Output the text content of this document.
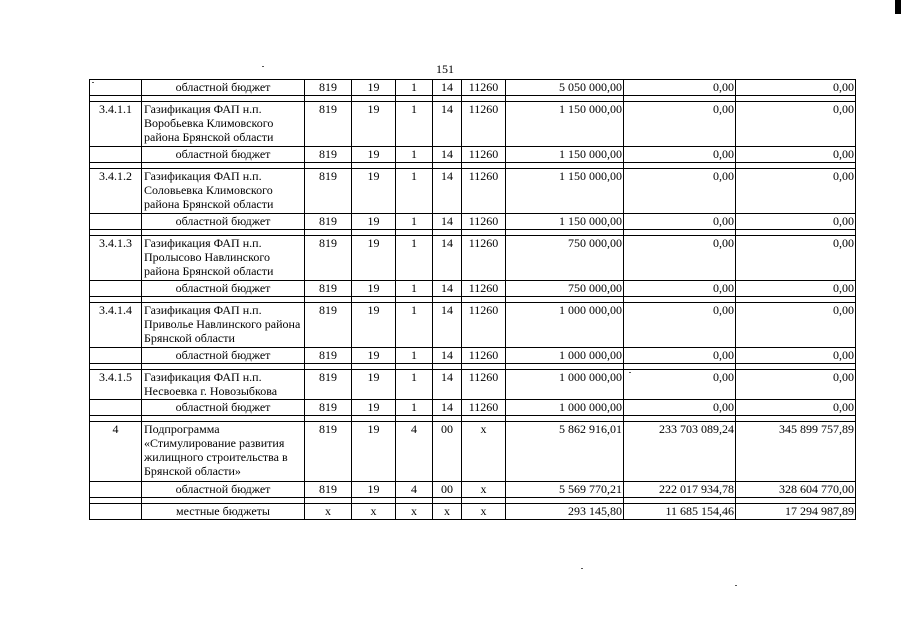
151
	областной бюджет	819	19	1	14	11260	5 050 000,00	0,00	0,00

3.4.1.1	Газификация ФАП н.п. Воробьевка Климовского района Брянской области	819	19	1	14	11260	1 150 000,00	0,00	0,00
	областной бюджет	819	19	1	14	11260	1 150 000,00	0,00	0,00

3.4.1.2	Газификация ФАП н.п. Соловьевка Климовского района Брянской области	819	19	1	14	11260	1 150 000,00	0,00	0,00
	областной бюджет	819	19	1	14	11260	1 150 000,00	0,00	0,00

3.4.1.3	Газификация ФАП н.п. Пролысово Навлинского района Брянской области	819	19	1	14	11260	750 000,00	0,00	0,00
	областной бюджет	819	19	1	14	11260	750 000,00	0,00	0,00

3.4.1.4	Газификация ФАП н.п. Приволье Навлинского района Брянской области	819	19	1	14	11260	1 000 000,00	0,00	0,00
	областной бюджет	819	19	1	14	11260	1 000 000,00	0,00	0,00

3.4.1.5	Газификация ФАП н.п. Несвоевка г. Новозыбкова	819	19	1	14	11260	1 000 000,00	0,00	0,00
	областной бюджет	819	19	1	14	11260	1 000 000,00	0,00	0,00

4	Подпрограмма «Стимулирование развития жилищного строительства в Брянской области»	819	19	4	00	x	5 862 916,01	233 703 089,24	345 899 757,89
	областной бюджет	819	19	4	00	x	5 569 770,21	222 017 934,78	328 604 770,00

	местные бюджеты	x	x	x	x	x	293 145,80	11 685 154,46	17 294 987,89
